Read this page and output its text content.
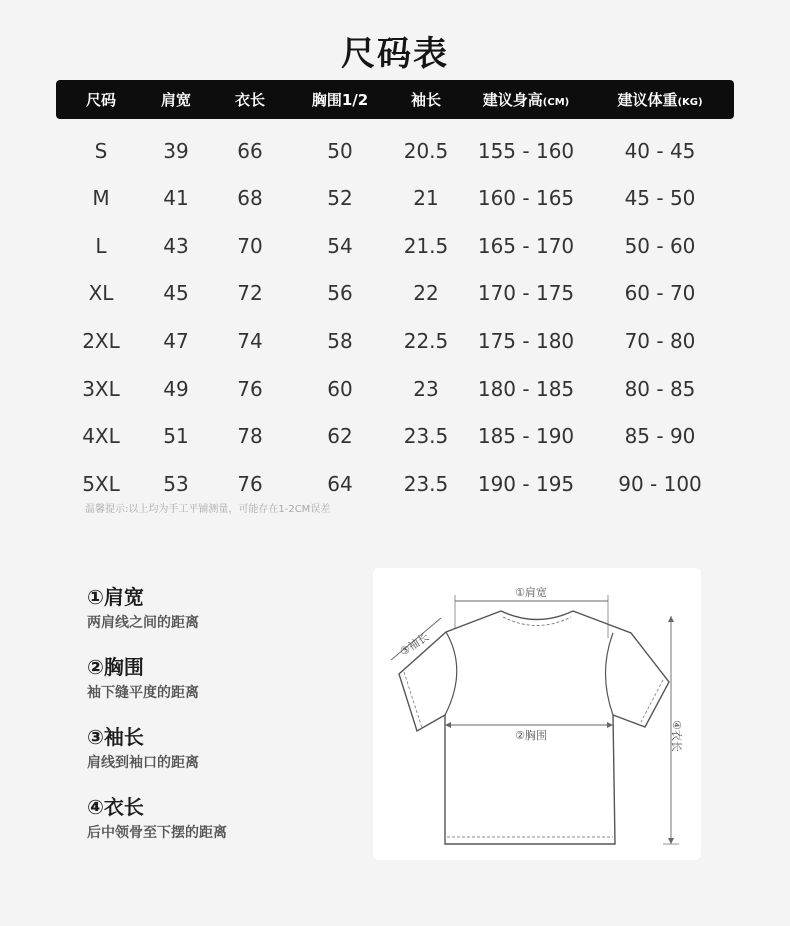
尺码表
尺码	肩宽	衣长	胸围1/2	袖长	建议身高(CM)	建议体重(KG)
S	39	66	50	20.5	155 - 160	40 - 45
M	41	68	52	21	160 - 165	45 - 50
L	43	70	54	21.5	165 - 170	50 - 60
XL	45	72	56	22	170 - 175	60 - 70
2XL	47	74	58	22.5	175 - 180	70 - 80
3XL	49	76	60	23	180 - 185	80 - 85
4XL	51	78	62	23.5	185 - 190	85 - 90
5XL	53	76	64	23.5	190 - 195	90 - 100
温馨提示:以上均为手工平铺测量，可能存在1-2CM误差
①肩宽
两肩线之间的距离
②胸围
袖下缝平度的距离
③袖长
肩线到袖口的距离
④衣长
后中领骨至下摆的距离
①肩宽
②胸围
③袖长
④衣长
